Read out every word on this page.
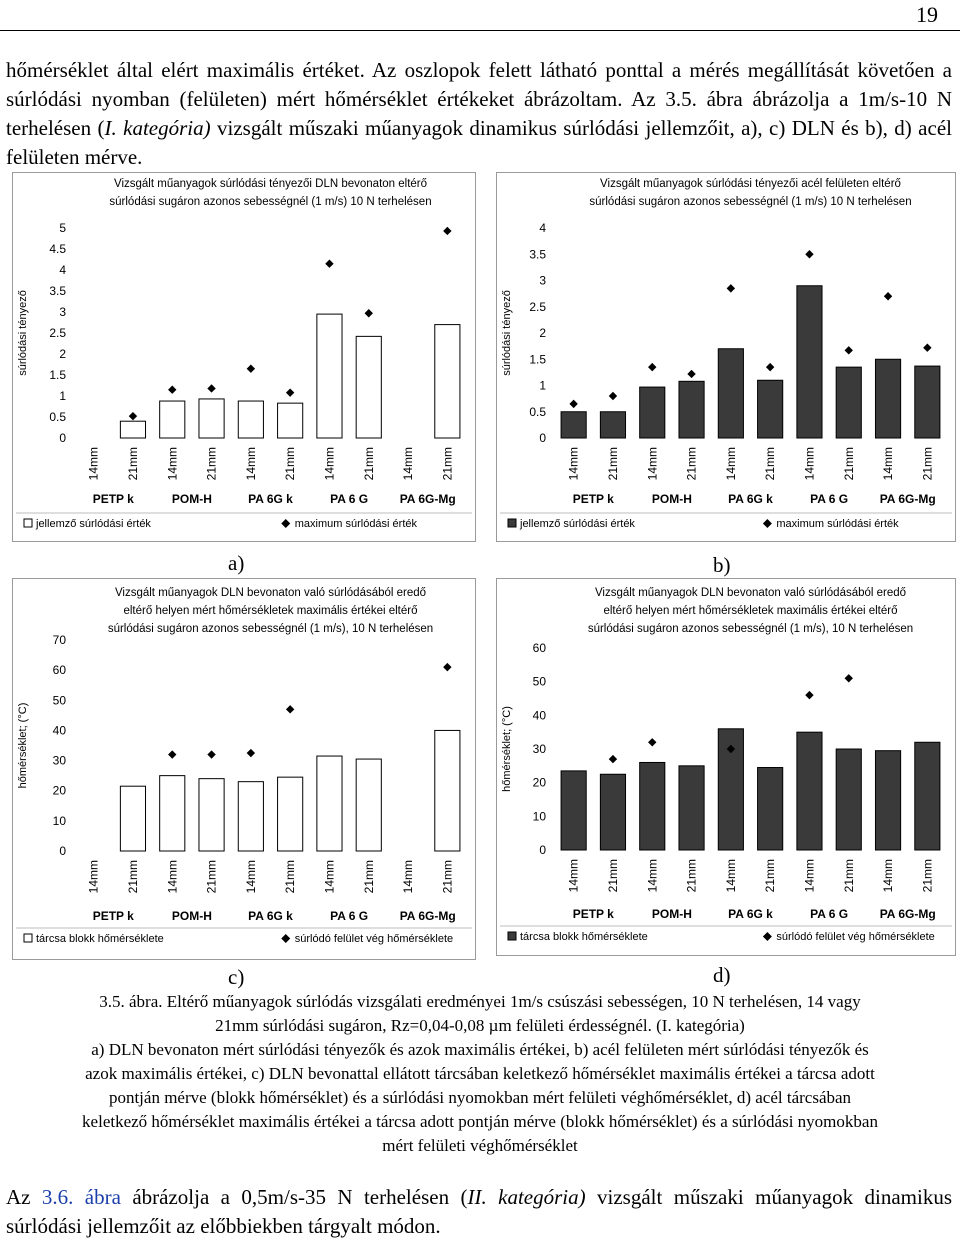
19
hőmérséklet által elért maximális értéket. Az oszlopok felett látható ponttal a mérés megállítását követően a súrlódási nyomban (felületen) mért hőmérséklet értékeket ábrázoltam. Az 3.5. ábra ábrázolja a 1m/s-10 N terhelésen (I. kategória) vizsgált műszaki műanyagok dinamikus súrlódási jellemzőit, a), c) DLN és b), d) acél felületen mérve.
Vizsgált műanyagok súrlódási tényezői DLN bevonaton eltérő
súrlódási sugáron azonos sebességnél (1 m/s) 10 N terhelésen
0
0.5
1
1.5
2
2.5
3
3.5
4
4.5
5
súrlódási tényező
14mm 21mm 14mm 21mm 14mm 21mm 14mm 21mm 14mm 21mm
PETP k	POM-H	PA 6G k	PA 6 G	PA 6G-Mg
jellemző súrlódási érték	maximum súrlódási érték
Vizsgált műanyagok súrlódási tényezői acél felületen eltérő
súrlódási sugáron azonos sebességnél (1 m/s) 10 N terhelésen
0
0.5
1
1.5
2
2.5
3
3.5
4
súrlódási tényező
14mm 21mm 14mm 21mm 14mm 21mm 14mm 21mm 14mm 21mm
PETP k	POM-H	PA 6G k	PA 6 G	PA 6G-Mg
jellemző súrlódási érték	maximum súrlódási érték
a)	b)
Vizsgált műanyagok DLN bevonaton való súrlódásából eredő
eltérő helyen mért hőmérsékletek maximális értékei eltérő
súrlódási sugáron azonos sebességnél (1 m/s), 10 N terhelésen
0
10
20
30
40
50
60
70
hőmérséklet; (°C)
14mm 21mm 14mm 21mm 14mm 21mm 14mm 21mm 14mm 21mm
PETP k	POM-H	PA 6G k	PA 6 G	PA 6G-Mg
tárcsa blokk hőmérséklete	súrlódó felület vég hőmérséklete
Vizsgált műanyagok DLN bevonaton való súrlódásából eredő
eltérő helyen mért hőmérsékletek maximális értékei eltérő
súrlódási sugáron azonos sebességnél (1 m/s), 10 N terhelésen
0
10
20
30
40
50
60
hőmérséklet; (°C)
14mm 21mm 14mm 21mm 14mm 21mm 14mm 21mm 14mm 21mm
PETP k	POM-H	PA 6G k	PA 6 G	PA 6G-Mg
tárcsa blokk hőmérséklete	súrlódó felület vég hőmérséklete
c)	d)
3.5. ábra. Eltérő műanyagok súrlódás vizsgálati eredményei 1m/s csúszási sebességen, 10 N terhelésen, 14 vagy
21mm súrlódási sugáron, Rz=0,04-0,08 µm felületi érdességnél. (I. kategória)
a) DLN bevonaton mért súrlódási tényezők és azok maximális értékei, b) acél felületen mért súrlódási tényezők és
azok maximális értékei, c) DLN bevonattal ellátott tárcsában keletkező hőmérséklet maximális értékei a tárcsa adott
pontján mérve (blokk hőmérséklet) és a súrlódási nyomokban mért felületi véghőmérséklet, d) acél tárcsában
keletkező hőmérséklet maximális értékei a tárcsa adott pontján mérve (blokk hőmérséklet) és a súrlódási nyomokban
mért felületi véghőmérséklet
Az 3.6. ábra ábrázolja a 0,5m/s-35 N terhelésen (II. kategória) vizsgált műszaki műanyagok dinamikus súrlódási jellemzőit az előbbiekben tárgyalt módon.
